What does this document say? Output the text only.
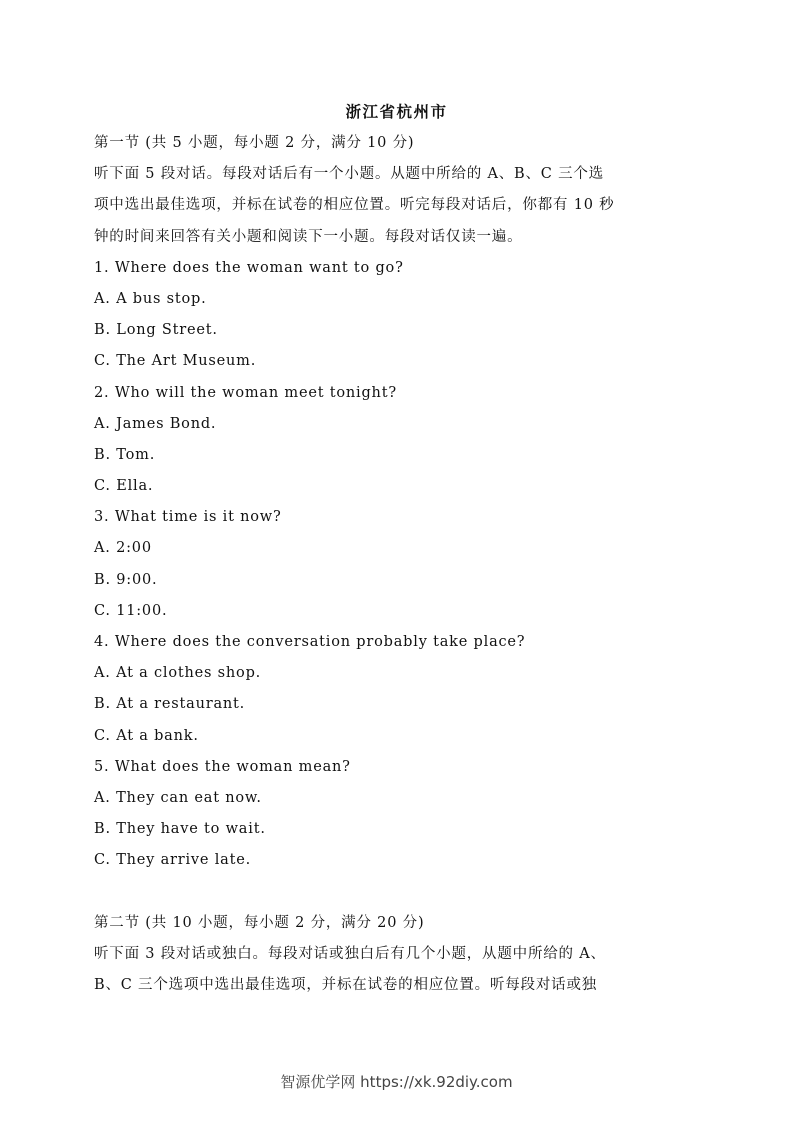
浙江省杭州市
第一节 (共 5 小题，每小题 2 分，满分 10 分)
听下面 5 段对话。每段对话后有一个小题。从题中所给的 A、B、C 三个选
项中选出最佳选项，并标在试卷的相应位置。听完每段对话后，你都有 10 秒
钟的时间来回答有关小题和阅读下一小题。每段对话仅读一遍。
1. Where does the woman want to go?
A. A bus stop.
B. Long Street.
C. The Art Museum.
2. Who will the woman meet tonight?
A. James Bond.
B. Tom.
C. Ella.
3. What time is it now?
A. 2:00
B. 9:00.
C. 11:00.
4. Where does the conversation probably take place?
A. At a clothes shop.
B. At a restaurant.
C. At a bank.
5. What does the woman mean?
A. They can eat now.
B. They have to wait.
C. They arrive late.
第二节 (共 10 小题，每小题 2 分，满分 20 分)
听下面 3 段对话或独白。每段对话或独白后有几个小题，从题中所给的 A、
B、C 三个选项中选出最佳选项，并标在试卷的相应位置。听每段对话或独
智源优学网 https://xk.92diy.com
